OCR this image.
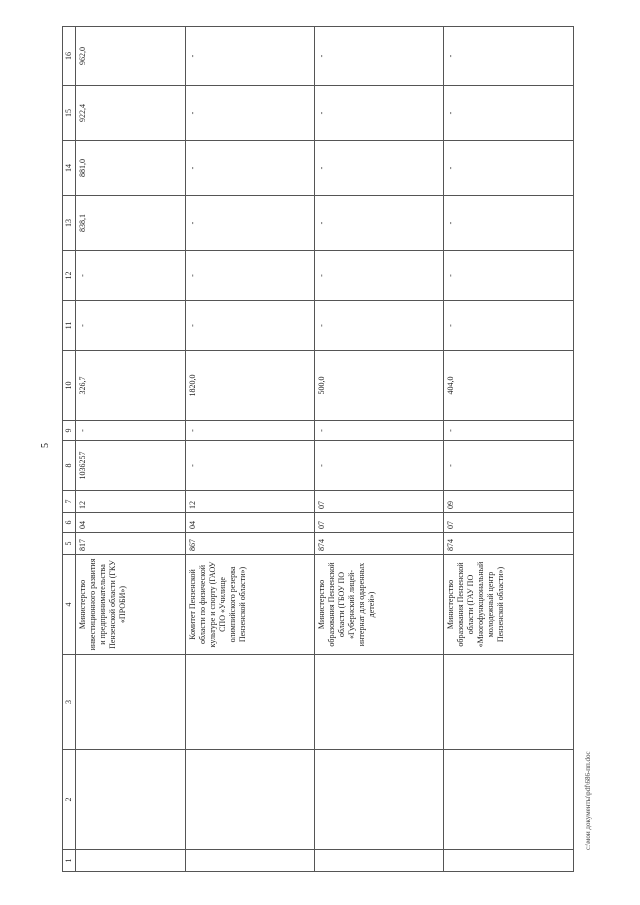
5
1	2	3	4	5	6	7	8	9	10	11	12	13	14	15	16
			Министерство инвестиционного развития и предпринимательства Пензенской области (ГКУ «ПРОБИ»)	817	04	12	1036257	-	326,7	-	-	838,1	881,0	922,4	962,0
			Комитет Пензенской области по физической культуре и спорту (ГАОУ СПО «Училище олимпийского резерва Пензенской области»)	867	04	12	-	-	1820,0	-	-	-	-	-	-
			Министерство образования Пензенской области (ГБОУ ПО «Губернский лицей-интернат для одаренных детей»)	874	07	07	-	-	500,0	-	-	-	-	-	-
			Министерство образования Пензенской области (ГАУ ПО «Многофункциональный молодежный центр Пензенской области»)	874	07	09	-	-	404,0	-	-	-	-	-	-
c:\мои документы\pdf\686-пп.doc
